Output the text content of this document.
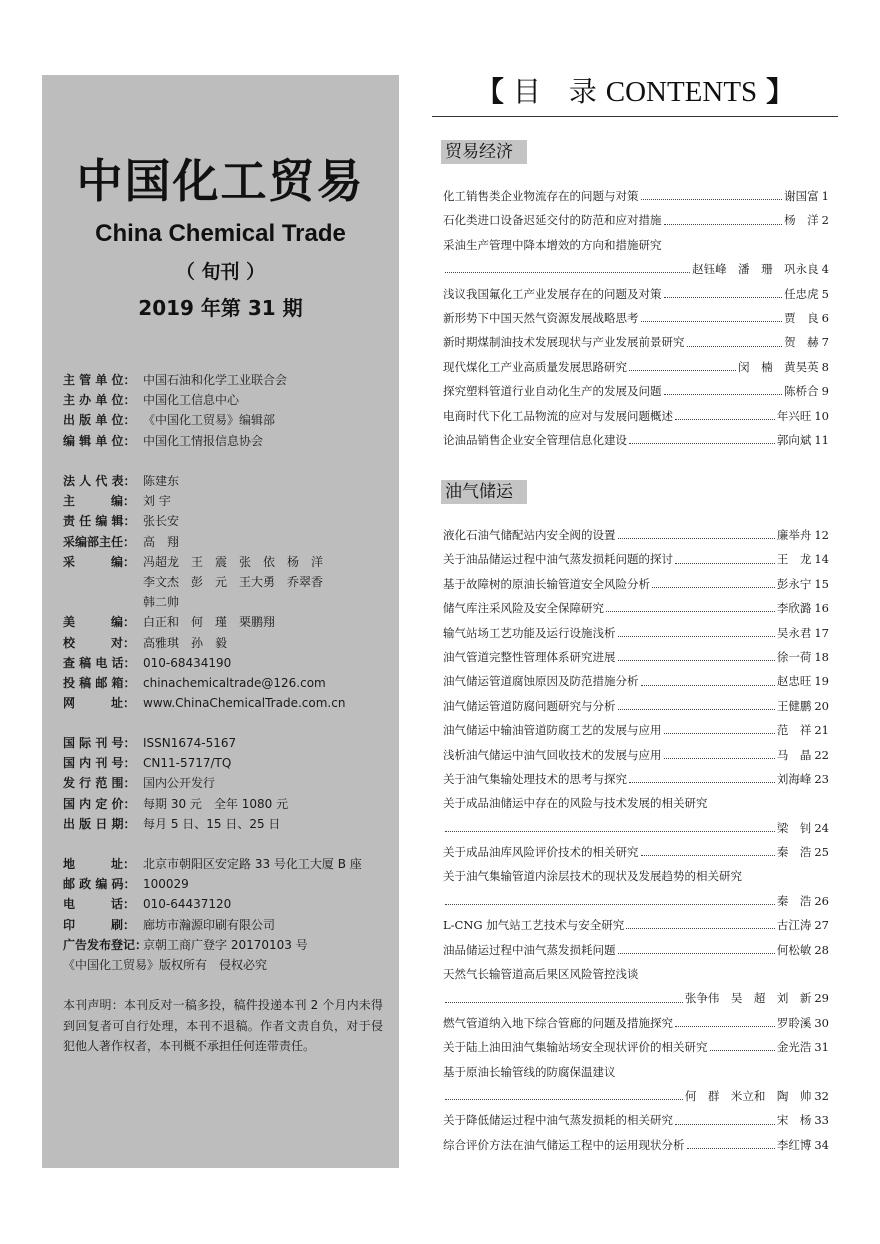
中国化工贸易
China Chemical Trade
（ 旬刊 ）
2019 年第 31 期
主 管 单 位： 中国石油和化学工业联合会
主 办 单 位： 中国化工信息中心
出 版 单 位： 《中国化工贸易》编辑部
编 辑 单 位： 中国化工情报信息协会
法 人 代 表： 陈建东
主　　　编： 刘 宇
责 任 编 辑： 张长安
采编部主任： 高　翔
采　　　编： 冯超龙　王　震　张　依　杨　洋
李文杰　彭　元　王大勇　乔翠香
韩二帅
美　　　编： 白正和　何　瑾　栗鹏翔
校　　　对： 高雅琪　孙　毅
查 稿 电 话： 010-68434190
投 稿 邮 箱： chinachemicaltrade@126.com
网　　　址： www.ChinaChemicalTrade.com.cn
国 际 刊 号： ISSN1674-5167
国 内 刊 号： CN11-5717/TQ
发 行 范 围： 国内公开发行
国 内 定 价： 每期 30 元　全年 1080 元
出 版 日 期： 每月 5 日、15 日、25 日
地　　　址： 北京市朝阳区安定路 33 号化工大厦 B 座
邮 政 编 码： 100029
电　　　话： 010-64437120
印　　　刷： 廊坊市瀚源印刷有限公司
广告发布登记：
京朝工商广登字 20170103 号
《中国化工贸易》版权所有　侵权必究
本刊声明：本刊反对一稿多投，稿件投递本刊 2 个月内未得到回复者可自行处理，本刊不退稿。作者文责自负，对于侵犯他人著作权者，本刊概不承担任何连带责任。
【 目　录 CONTENTS 】
贸易经济
化工销售类企业物流存在的问题与对策	谢国富 1
石化类进口设备迟延交付的防范和应对措施	杨　洋 2
采油生产管理中降本增效的方向和措施研究
赵钰峰　潘　珊　巩永良 4
浅议我国氟化工产业发展存在的问题及对策	任忠虎 5
新形势下中国天然气资源发展战略思考	贾　良 6
新时期煤制油技术发展现状与产业发展前景研究	贺　赫 7
现代煤化工产业高质量发展思路研究	闵　楠　黄昊英 8
探究塑料管道行业自动化生产的发展及问题	陈桥合 9
电商时代下化工品物流的应对与发展问题概述	年兴旺 10
论油品销售企业安全管理信息化建设	郭向斌 11
油气储运
液化石油气储配站内安全阀的设置	廉举舟 12
关于油品储运过程中油气蒸发损耗问题的探讨	王　龙 14
基于故障树的原油长输管道安全风险分析	彭永宁 15
储气库注采风险及安全保障研究	李欣潞 16
输气站场工艺功能及运行设施浅析	吴永君 17
油气管道完整性管理体系研究进展	徐一荷 18
油气储运管道腐蚀原因及防范措施分析	赵忠旺 19
油气储运管道防腐问题研究与分析	王健鹏 20
油气储运中输油管道防腐工艺的发展与应用	范　祥 21
浅析油气储运中油气回收技术的发展与应用	马　晶 22
关于油气集输处理技术的思考与探究	刘海峰 23
关于成品油储运中存在的风险与技术发展的相关研究
梁　钊 24
关于成品油库风险评价技术的相关研究	秦　浩 25
关于油气集输管道内涂层技术的现状及发展趋势的相关研究
秦　浩 26
L-CNG 加气站工艺技术与安全研究	古江涛 27
油品储运过程中油气蒸发损耗问题	何松敏 28
天然气长输管道高后果区风险管控浅谈
张争伟　吴　超　刘　新 29
燃气管道纳入地下综合管廊的问题及措施探究	罗聆溪 30
关于陆上油田油气集输站场安全现状评价的相关研究	金光浩 31
基于原油长输管线的防腐保温建议
何　群　米立和　陶　帅 32
关于降低储运过程中油气蒸发损耗的相关研究	宋　杨 33
综合评价方法在油气储运工程中的运用现状分析	李红博 34
